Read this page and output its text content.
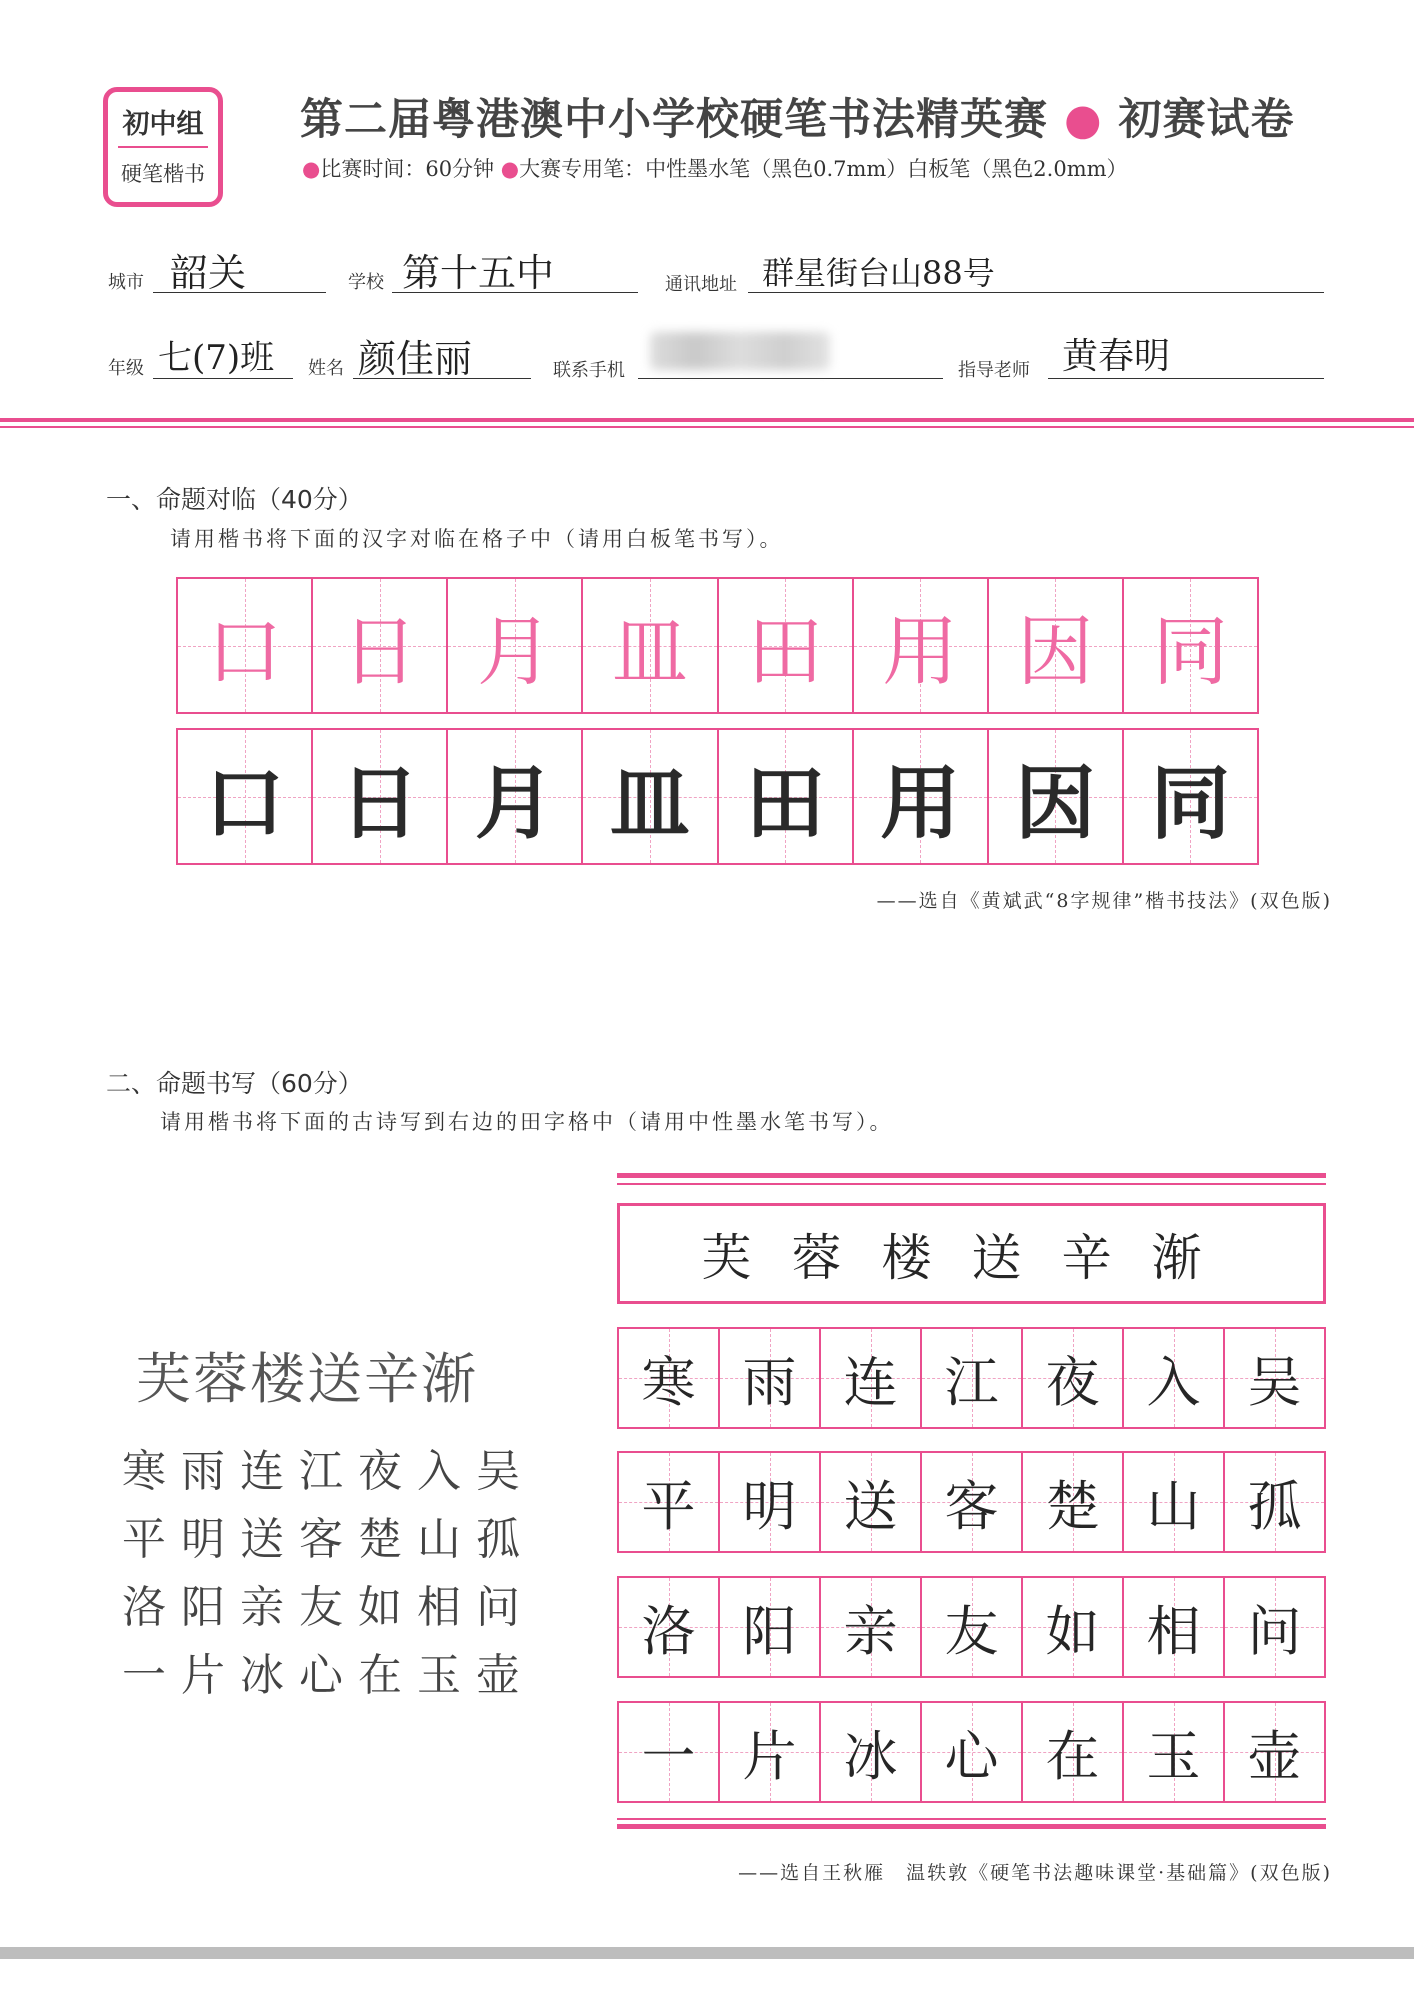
初中组
硬笔楷书
第二届粤港澳中小学校硬笔书法精英赛 ● 初赛试卷
●比赛时间：60分钟 ●大赛专用笔：中性墨水笔（黑色0.7mm）白板笔（黑色2.0mm）
城市 韶关	学校 第十五中	通讯地址 群星街台山88号
年级 七(7)班 姓名 颜佳丽	联系手机	指导老师 黄春明
一、命题对临（40分）
请用楷书将下面的汉字对临在格子中（请用白板笔书写）。
口 日 月 皿 田 用 因 同
口 日 月 皿 田 用 因 同
——选自《黄斌武“8字规律”楷书技法》(双色版)
二、命题书写（60分）
请用楷书将下面的古诗写到右边的田字格中（请用中性墨水笔书写）。
芙蓉楼送辛渐
寒雨连江夜入吴
平明送客楚山孤
洛阳亲友如相问
一片冰心在玉壶
芙蓉楼送辛渐
寒 雨 连 江 夜 入 吴
平 明 送 客 楚 山 孤
洛 阳 亲 友 如 相 问
一 片 冰 心 在 玉 壶
——选自王秋雁　温轶敦《硬笔书法趣味课堂·基础篇》(双色版)
